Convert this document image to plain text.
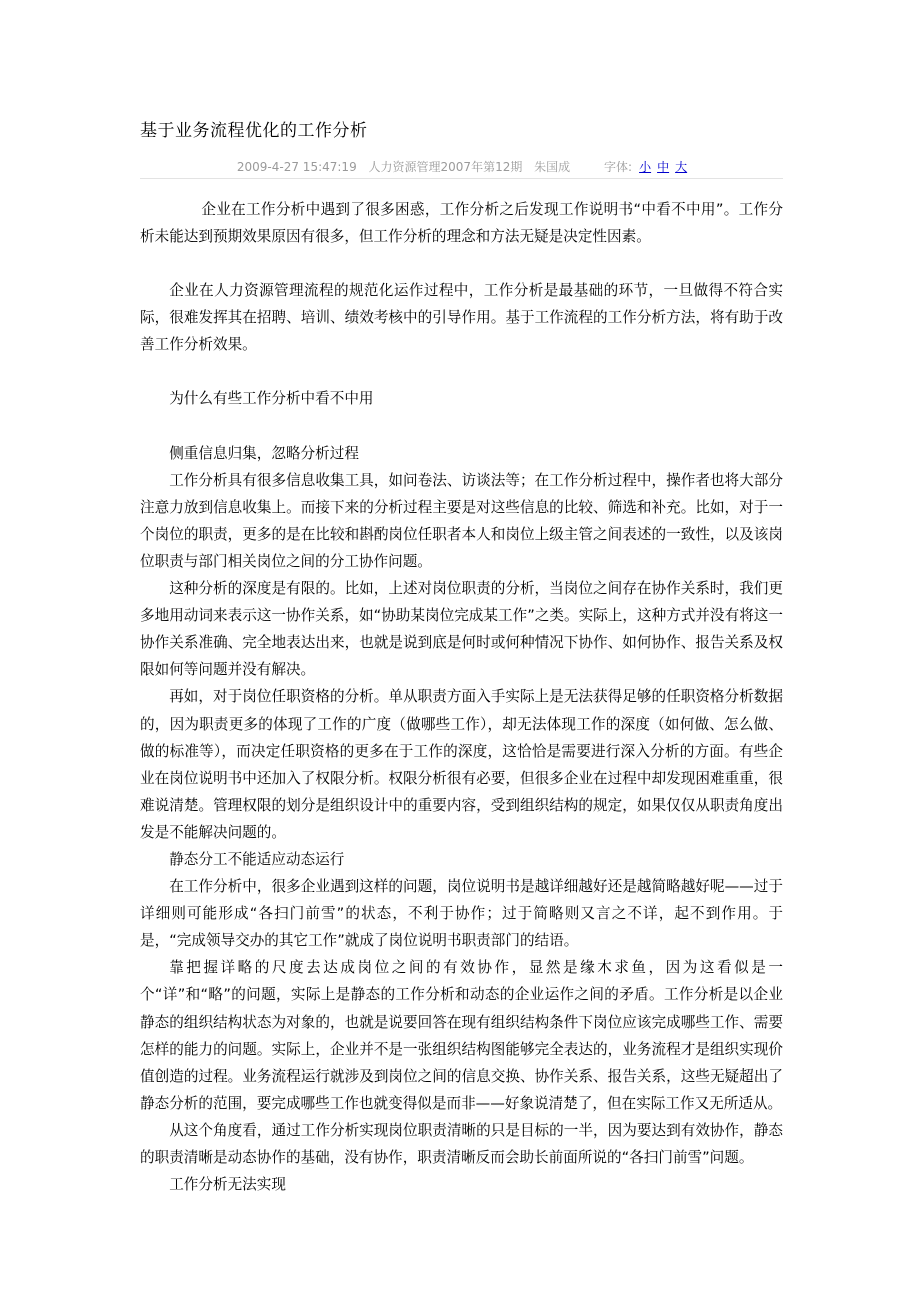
基于业务流程优化的工作分析
2009-4-27 15:47:19 人力资源管理2007年第12期 朱国成	字体: 小 中 大

企业在工作分析中遇到了很多困惑，工作分析之后发现工作说明书“中看不中用”。工作分析未能达到预期效果原因有很多，但工作分析的理念和方法无疑是决定性因素。

企业在人力资源管理流程的规范化运作过程中，工作分析是最基础的环节，一旦做得不符合实际，很难发挥其在招聘、培训、绩效考核中的引导作用。基于工作流程的工作分析方法，将有助于改善工作分析效果。

为什么有些工作分析中看不中用

侧重信息归集，忽略分析过程

工作分析具有很多信息收集工具，如问卷法、访谈法等；在工作分析过程中，操作者也将大部分注意力放到信息收集上。而接下来的分析过程主要是对这些信息的比较、筛选和补充。比如，对于一个岗位的职责，更多的是在比较和斟酌岗位任职者本人和岗位上级主管之间表述的一致性，以及该岗位职责与部门相关岗位之间的分工协作问题。

这种分析的深度是有限的。比如，上述对岗位职责的分析，当岗位之间存在协作关系时，我们更多地用动词来表示这一协作关系，如“协助某岗位完成某工作”之类。实际上，这种方式并没有将这一协作关系准确、完全地表达出来，也就是说到底是何时或何种情况下协作、如何协作、报告关系及权限如何等问题并没有解决。

再如，对于岗位任职资格的分析。单从职责方面入手实际上是无法获得足够的任职资格分析数据的，因为职责更多的体现了工作的广度（做哪些工作），却无法体现工作的深度（如何做、怎么做、做的标准等），而决定任职资格的更多在于工作的深度，这恰恰是需要进行深入分析的方面。有些企业在岗位说明书中还加入了权限分析。权限分析很有必要，但很多企业在过程中却发现困难重重，很难说清楚。管理权限的划分是组织设计中的重要内容，受到组织结构的规定，如果仅仅从职责角度出发是不能解决问题的。

静态分工不能适应动态运行

在工作分析中，很多企业遇到这样的问题，岗位说明书是越详细越好还是越简略越好呢——过于详细则可能形成“各扫门前雪”的状态，不利于协作；过于简略则又言之不详，起不到作用。于是，“完成领导交办的其它工作”就成了岗位说明书职责部门的结语。

靠把握详略的尺度去达成岗位之间的有效协作，显然是缘木求鱼，因为这看似是一个“详”和“略”的问题，实际上是静态的工作分析和动态的企业运作之间的矛盾。工作分析是以企业静态的组织结构状态为对象的，也就是说要回答在现有组织结构条件下岗位应该完成哪些工作、需要怎样的能力的问题。实际上，企业并不是一张组织结构图能够完全表达的，业务流程才是组织实现价值创造的过程。业务流程运行就涉及到岗位之间的信息交换、协作关系、报告关系，这些无疑超出了静态分析的范围，要完成哪些工作也就变得似是而非——好象说清楚了，但在实际工作又无所适从。

从这个角度看，通过工作分析实现岗位职责清晰的只是目标的一半，因为要达到有效协作，静态的职责清晰是动态协作的基础，没有协作，职责清晰反而会助长前面所说的“各扫门前雪”问题。

工作分析无法实现
